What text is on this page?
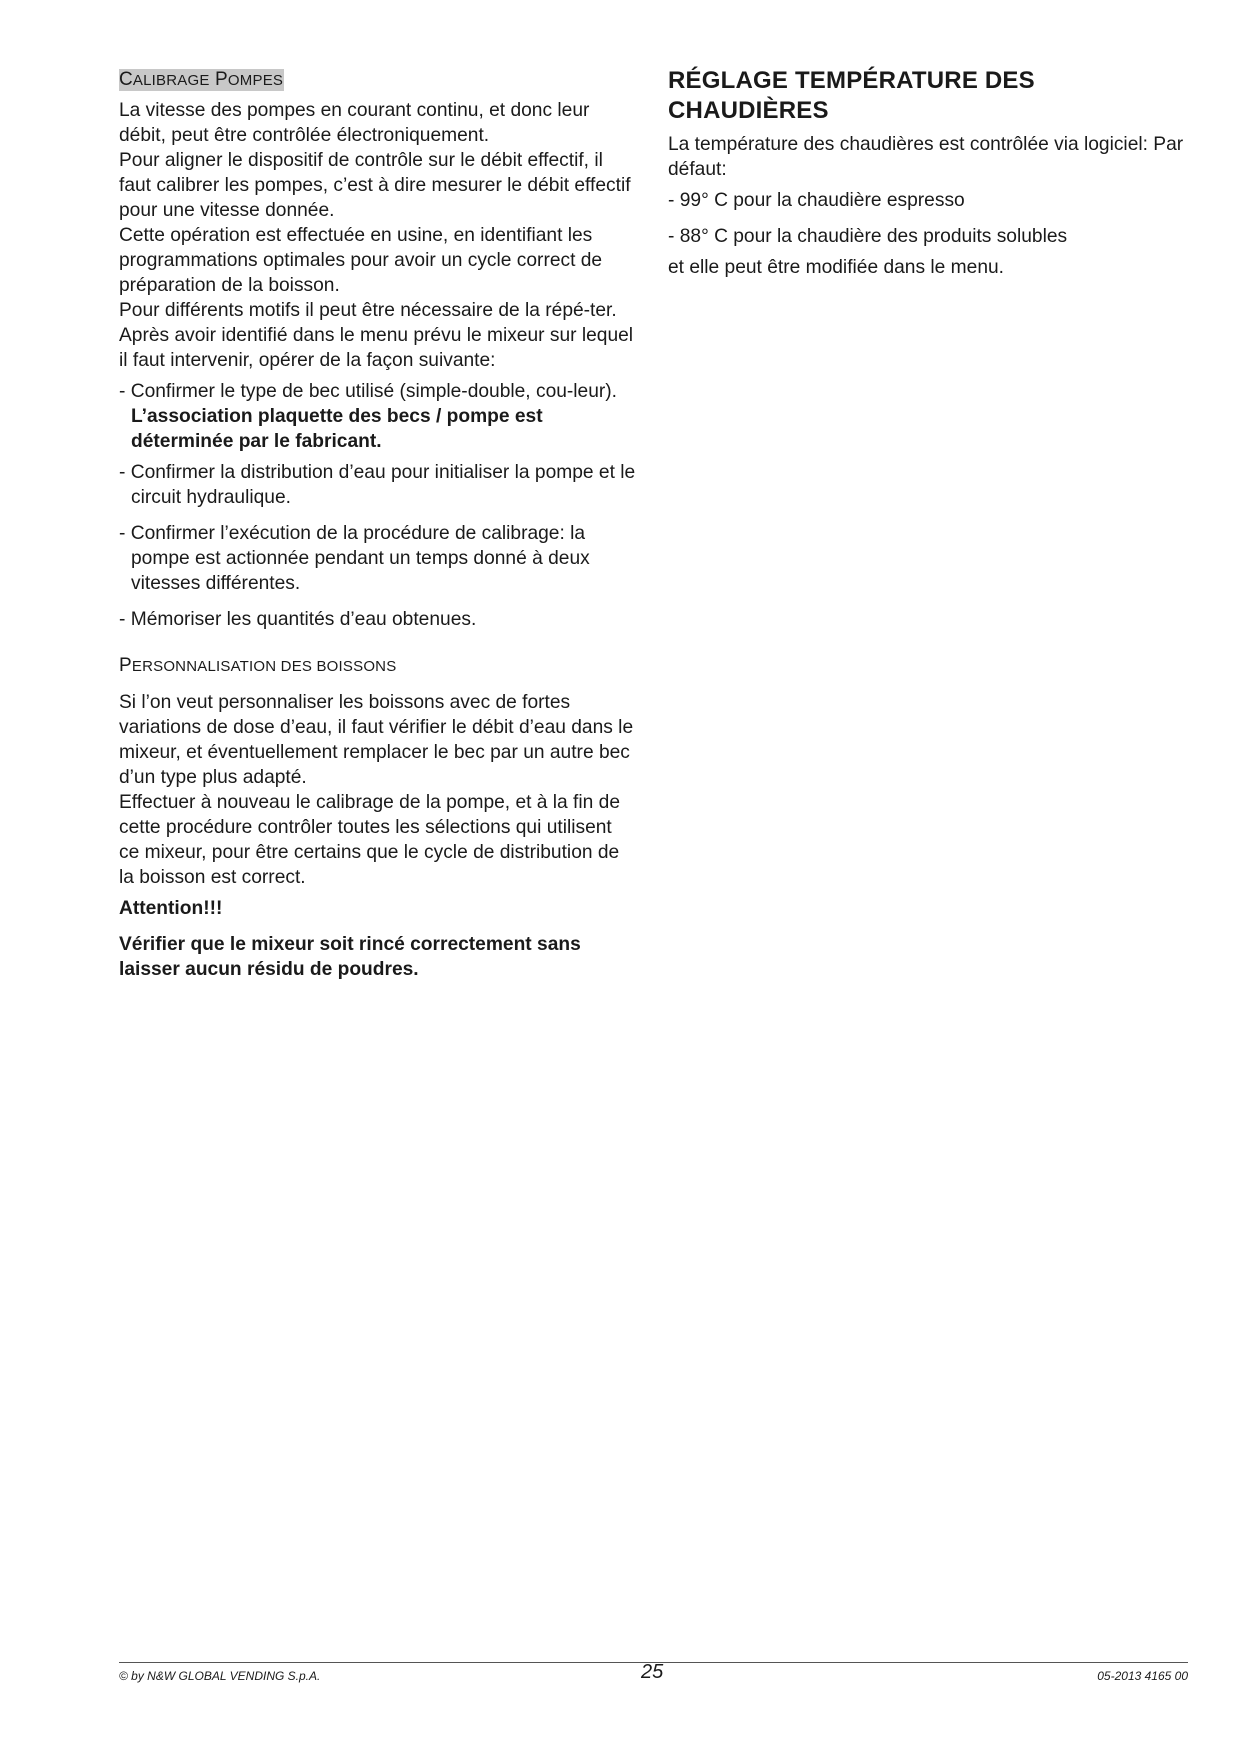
CALIBRAGE POMPES

La vitesse des pompes en courant continu, et donc leur débit, peut être contrôlée électroniquement.

Pour aligner le dispositif de contrôle sur le débit effectif, il faut calibrer les pompes, c’est à dire mesurer le débit effectif pour une vitesse donnée.

Cette opération est effectuée en usine, en identifiant les programmations optimales pour avoir un cycle correct de préparation de la boisson.

Pour différents motifs il peut être nécessaire de la répé-ter.

Après avoir identifié dans le menu prévu le mixeur sur lequel il faut intervenir, opérer de la façon suivante:

- Confirmer le type de bec utilisé (simple-double, cou-leur).  L’association plaquette des becs / pompe est déterminée par le fabricant.

- Confirmer la distribution d’eau pour initialiser la pompe et le circuit hydraulique.

- Confirmer l’exécution de la procédure de calibrage: la pompe est actionnée pendant un temps donné à deux vitesses différentes.

- Mémoriser les quantités d’eau obtenues.

PERSONNALISATION DES BOISSONS

Si l’on veut personnaliser les boissons avec de fortes variations de dose d’eau, il faut vérifier le débit d’eau dans le mixeur, et éventuellement remplacer le bec par un autre bec d’un type plus adapté.

Effectuer à nouveau le calibrage de la pompe, et à la fin de cette procédure contrôler toutes les sélections qui utilisent ce mixeur, pour être certains que le cycle de distribution de la boisson est correct.

Attention!!!

Vérifier que le mixeur soit rincé correctement sans laisser aucun résidu de poudres.

RÉGLAGE TEMPÉRATURE DES CHAUDIÈRES

La température des chaudières est contrôlée via logiciel: Par défaut:

- 99° C pour la chaudière espresso

- 88° C pour la chaudière des produits solubles

et elle peut être modifiée dans le menu.

© by N&W GLOBAL VENDING S.p.A.	25	05-2013 4165 00
